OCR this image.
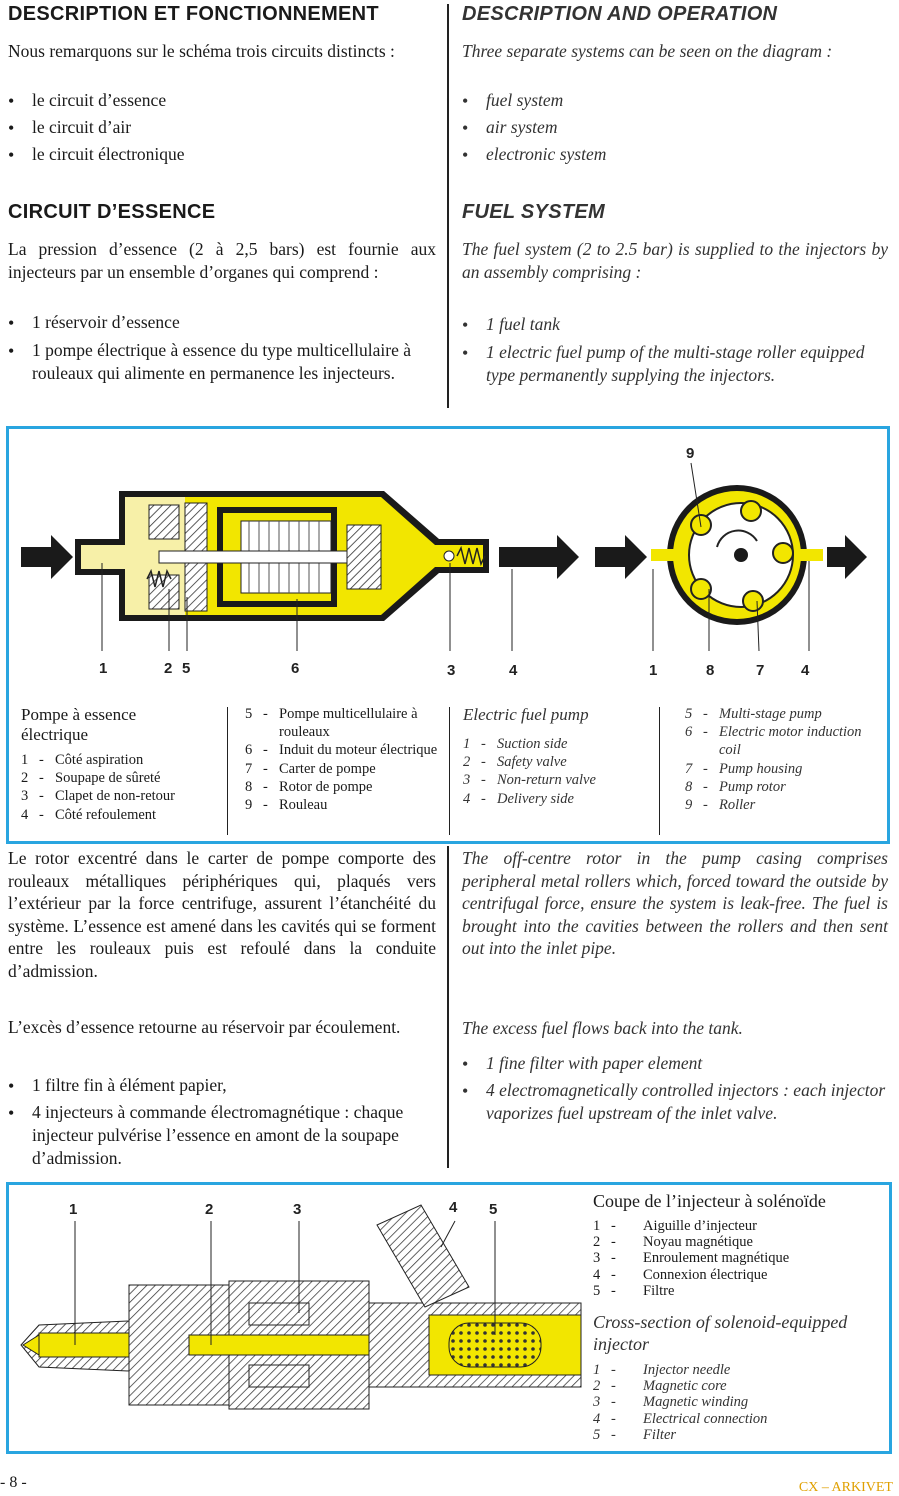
DESCRIPTION ET FONCTIONNEMENT	DESCRIPTION AND OPERATION

Nous remarquons sur le schéma trois circuits distincts :	Three separate systems can be seen on the diagram :

• le circuit d’essence
• le circuit d’air
• le circuit électronique
• fuel system
• air system
• electronic system
CIRCUIT D’ESSENCE	FUEL SYSTEM

La pression d’essence (2 à 2,5 bars) est fournie aux injecteurs par un ensemble d’organes qui comprend :

The fuel system (2 to 2.5 bar) is supplied to the injectors by an assembly comprising :

• 1 réservoir d’essence
• 1 pompe électrique à essence du type multicellulaire à rouleaux qui alimente en permanence les injecteurs.
• 1 fuel tank
• 1 electric fuel pump of the multi-stage roller equipped type permanently supplying the injectors.
1	2 5	6	3	4
9
1	8	7 4
Pompe à essence électrique
1 - Côté aspiration
2 - Soupape de sûreté
3 - Clapet de non-retour
4 - Côté refoulement
5 - Pompe multicellulaire à rouleaux
6 - Induit du moteur électrique
7 - Carter de pompe
8 - Rotor de pompe
9 - Rouleau
Electric fuel pump
1 - Suction side
2 - Safety valve
3 - Non-return valve
4 - Delivery side
5 - Multi-stage pump
6 - Electric motor induction coil
7 - Pump housing
8 - Pump rotor
9 - Roller

Le rotor excentré dans le carter de pompe comporte des rouleaux métalliques périphériques qui, plaqués vers l’extérieur par la force centrifuge, assurent l’étanchéité du système. L’essence est amené dans les cavités qui se forment entre les rouleaux puis est refoulé dans la conduite d’admission.

The off-centre rotor in the pump casing comprises peripheral metal rollers which, forced toward the outside by centrifugal force, ensure the system is leak-free. The fuel is brought into the cavities between the rollers and then sent out into the inlet pipe.

L’excès d’essence retourne au réservoir par écoulement.	The excess fuel flows back into the tank.

• 1 filtre fin à élément papier,
• 4 injecteurs à commande électromagnétique : chaque injecteur pulvérise l’essence en amont de la soupape d’admission.
• 1 fine filter with paper element
• 4 electromagnetically controlled injectors : each injector vaporizes fuel upstream of the inlet valve.
1	2	3	4 5	Coupe de l’injecteur à solénoïde
1 -	Aiguille d’injecteur
2 -	Noyau magnétique
3 -	Enroulement magnétique
4 -	Connexion électrique
5 -	Filtre
Cross-section of solenoid-equipped injector
1 -	Injector needle
2 -	Magnetic core
3 -	Magnetic winding
4 -	Electrical connection
5 -	Filter
- 8 -	CX – ARKIVET
